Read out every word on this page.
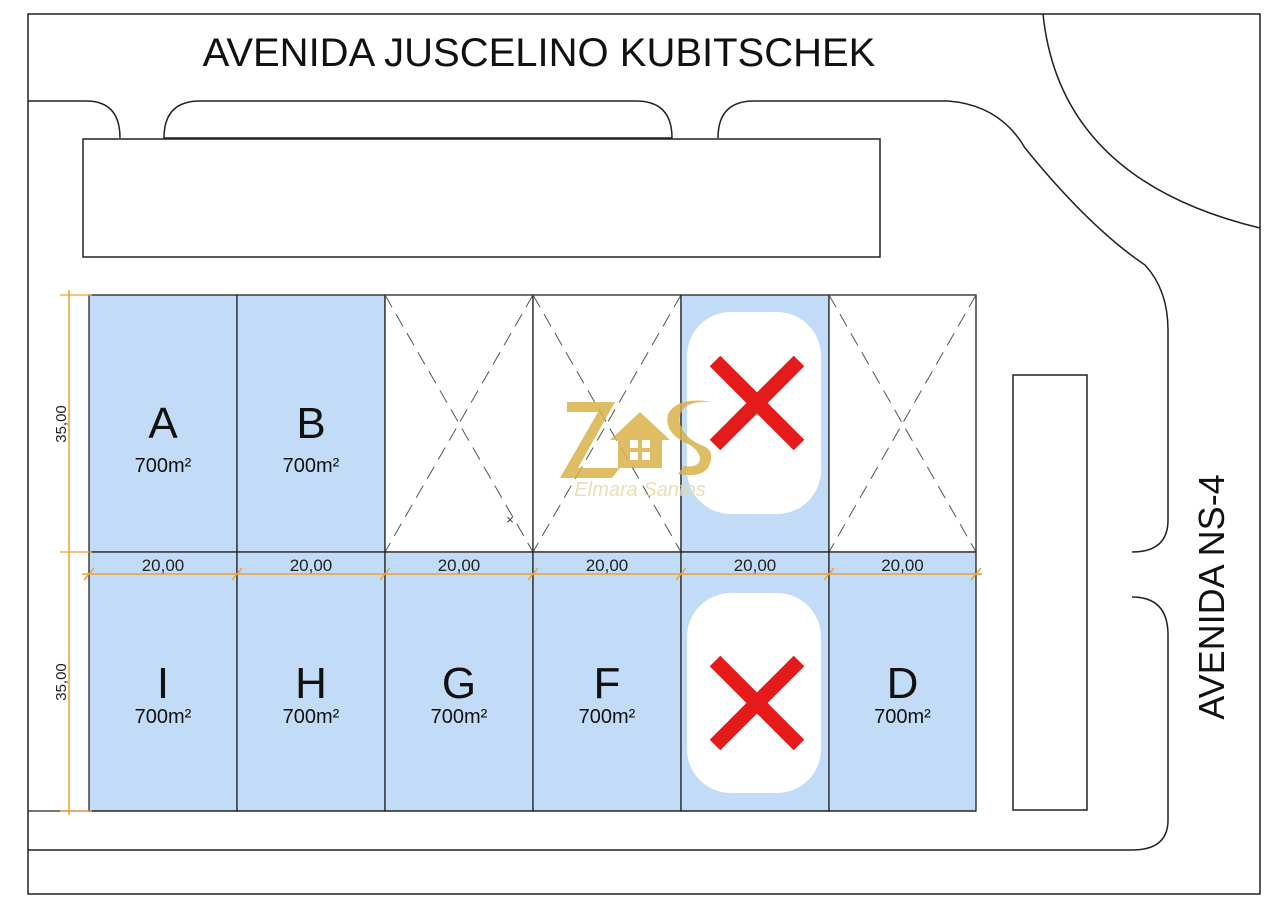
AVENIDA JUSCELINO KUBITSCHEK
A
700m²
B
700m²
I
700m²
H
700m²
G
700m²
F
700m²
D
700m²
35,00
35,00
20,00	20,00	20,00	20,00	20,00	20,00
Elmara Santos
×	AVENIDA NS-4
